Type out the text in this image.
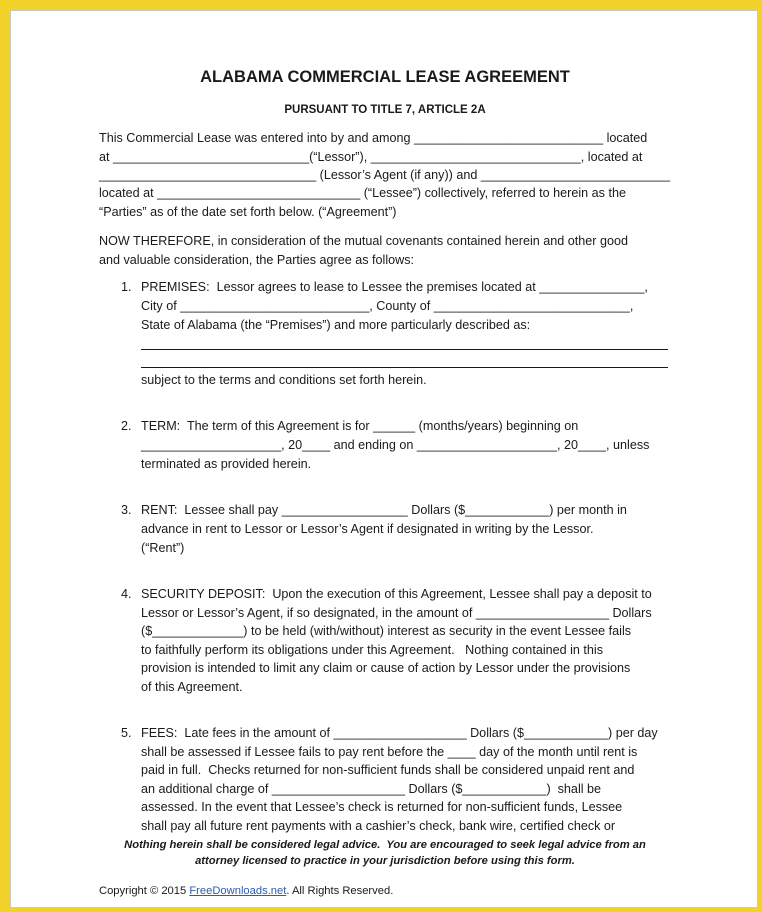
ALABAMA COMMERCIAL LEASE AGREEMENT
PURSUANT TO TITLE 7, ARTICLE 2A
This Commercial Lease was entered into by and among ___________________________ located
at ____________________________(“Lessor”), ______________________________, located at
_______________________________ (Lessor’s Agent (if any)) and ___________________________
located at _____________________________ (“Lessee”) collectively, referred to herein as the
“Parties” as of the date set forth below. (“Agreement”)
NOW THEREFORE, in consideration of the mutual covenants contained herein and other good
and valuable consideration, the Parties agree as follows:
1. PREMISES:  Lessor agrees to lease to Lessee the premises located at _______________,
City of ___________________________, County of ____________________________,
State of Alabama (the “Premises”) and more particularly described as:
subject to the terms and conditions set forth herein.
2. TERM:  The term of this Agreement is for ______ (months/years) beginning on
____________________, 20____ and ending on ____________________, 20____, unless
terminated as provided herein.
3. RENT:  Lessee shall pay __________________ Dollars ($____________) per month in
advance in rent to Lessor or Lessor’s Agent if designated in writing by the Lessor.
(“Rent”)
4. SECURITY DEPOSIT:  Upon the execution of this Agreement, Lessee shall pay a deposit to
Lessor or Lessor’s Agent, if so designated, in the amount of ___________________ Dollars
($_____________) to be held (with/without) interest as security in the event Lessee fails
to faithfully perform its obligations under this Agreement.   Nothing contained in this
provision is intended to limit any claim or cause of action by Lessor under the provisions
of this Agreement.
5. FEES:  Late fees in the amount of ___________________ Dollars ($____________) per day
shall be assessed if Lessee fails to pay rent before the ____ day of the month until rent is
paid in full.  Checks returned for non-sufficient funds shall be considered unpaid rent and
an additional charge of ___________________ Dollars ($____________)  shall be
assessed. In the event that Lessee’s check is returned for non-sufficient funds, Lessee
shall pay all future rent payments with a cashier’s check, bank wire, certified check or
Nothing herein shall be considered legal advice.  You are encouraged to seek legal advice from an
attorney licensed to practice in your jurisdiction before using this form.
Copyright © 2015 FreeDownloads.net. All Rights Reserved.
